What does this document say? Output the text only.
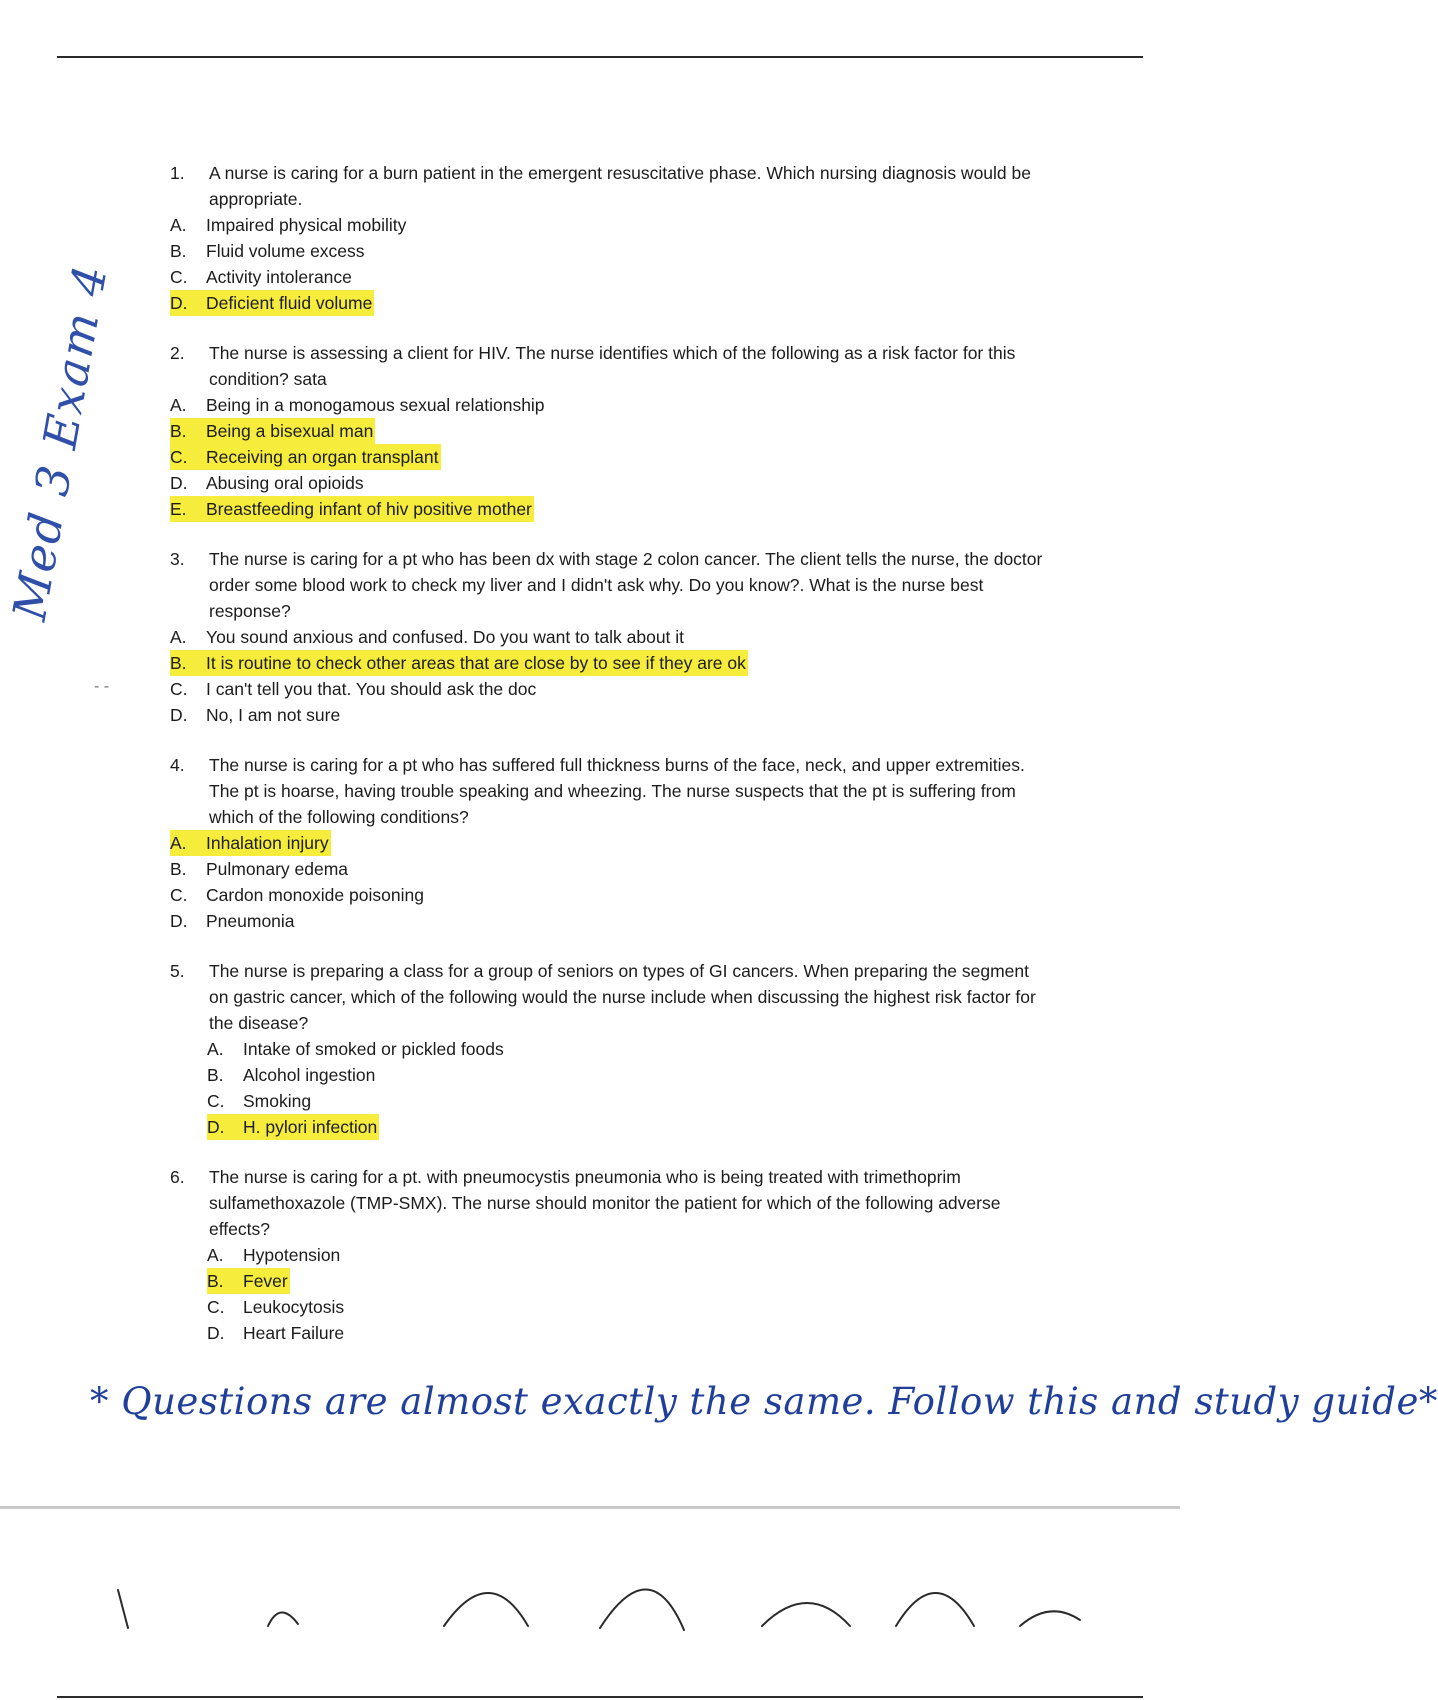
Med 3 Exam 4
- -
1.	A nurse is caring for a burn patient in the emergent resuscitative phase. Which nursing diagnosis would be appropriate.
A.	Impaired physical mobility
B.	Fluid volume excess
C.	Activity intolerance
D.	Deficient fluid volume
2.	The nurse is assessing a client for HIV. The nurse identifies which of the following as a risk factor for this condition? sata
A.	Being in a monogamous sexual relationship
B.	Being a bisexual man
C.	Receiving an organ transplant
D.	Abusing oral opioids
E.	Breastfeeding infant of hiv positive mother
3.	The nurse is caring for a pt who has been dx with stage 2 colon cancer. The client tells the nurse, the doctor order some blood work to check my liver and I didn't ask why. Do you know?. What is the nurse best response?
A.	You sound anxious and confused. Do you want to talk about it
B.	It is routine to check other areas that are close by to see if they are ok
C.	I can't tell you that. You should ask the doc
D.	No, I am not sure
4.	The nurse is caring for a pt who has suffered full thickness burns of the face, neck, and upper extremities. The pt is hoarse, having trouble speaking and wheezing. The nurse suspects that the pt is suffering from which of the following conditions?
A.	Inhalation injury
B.	Pulmonary edema
C.	Cardon monoxide poisoning
D.	Pneumonia
5.	The nurse is preparing a class for a group of seniors on types of GI cancers. When preparing the segment on gastric cancer, which of the following would the nurse include when discussing the highest risk factor for the disease?
A.	Intake of smoked or pickled foods
B.	Alcohol ingestion
C.	Smoking
D.	H. pylori infection
6.	The nurse is caring for a pt. with pneumocystis pneumonia who is being treated with trimethoprim sulfamethoxazole (TMP-SMX). The nurse should monitor the patient for which of the following adverse effects?
A.	Hypotension
B.	Fever
C.	Leukocytosis
D.	Heart Failure
* Questions are almost exactly the same. Follow this and study guide*
